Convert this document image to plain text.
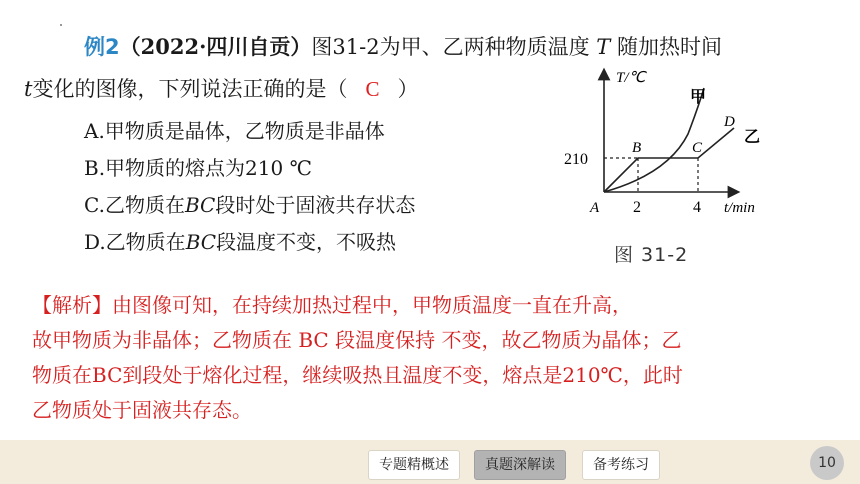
例2（2022·四川自贡）图31-2为甲、乙两种物质温度 T 随加热时间
t变化的图像，下列说法正确的是（ C ）
A.甲物质是晶体，乙物质是非晶体
B.甲物质的熔点为210 ℃
C.乙物质在BC段时处于固液共存状态
D.乙物质在BC段温度不变，不吸热
T/℃
甲
D
乙
B	C
210
A 2	4 t/min
图 31-2

【解析】由图像可知，在持续加热过程中，甲物质温度一直在升高，

故甲物质为非晶体；乙物质在 BC 段温度保持 不变，故乙物质为晶体；乙

物质在BC到段处于熔化过程，继续吸热且温度不变，熔点是210℃，此时

乙物质处于固液共存态。

专题精概述	真题深解读	备考练习	10
